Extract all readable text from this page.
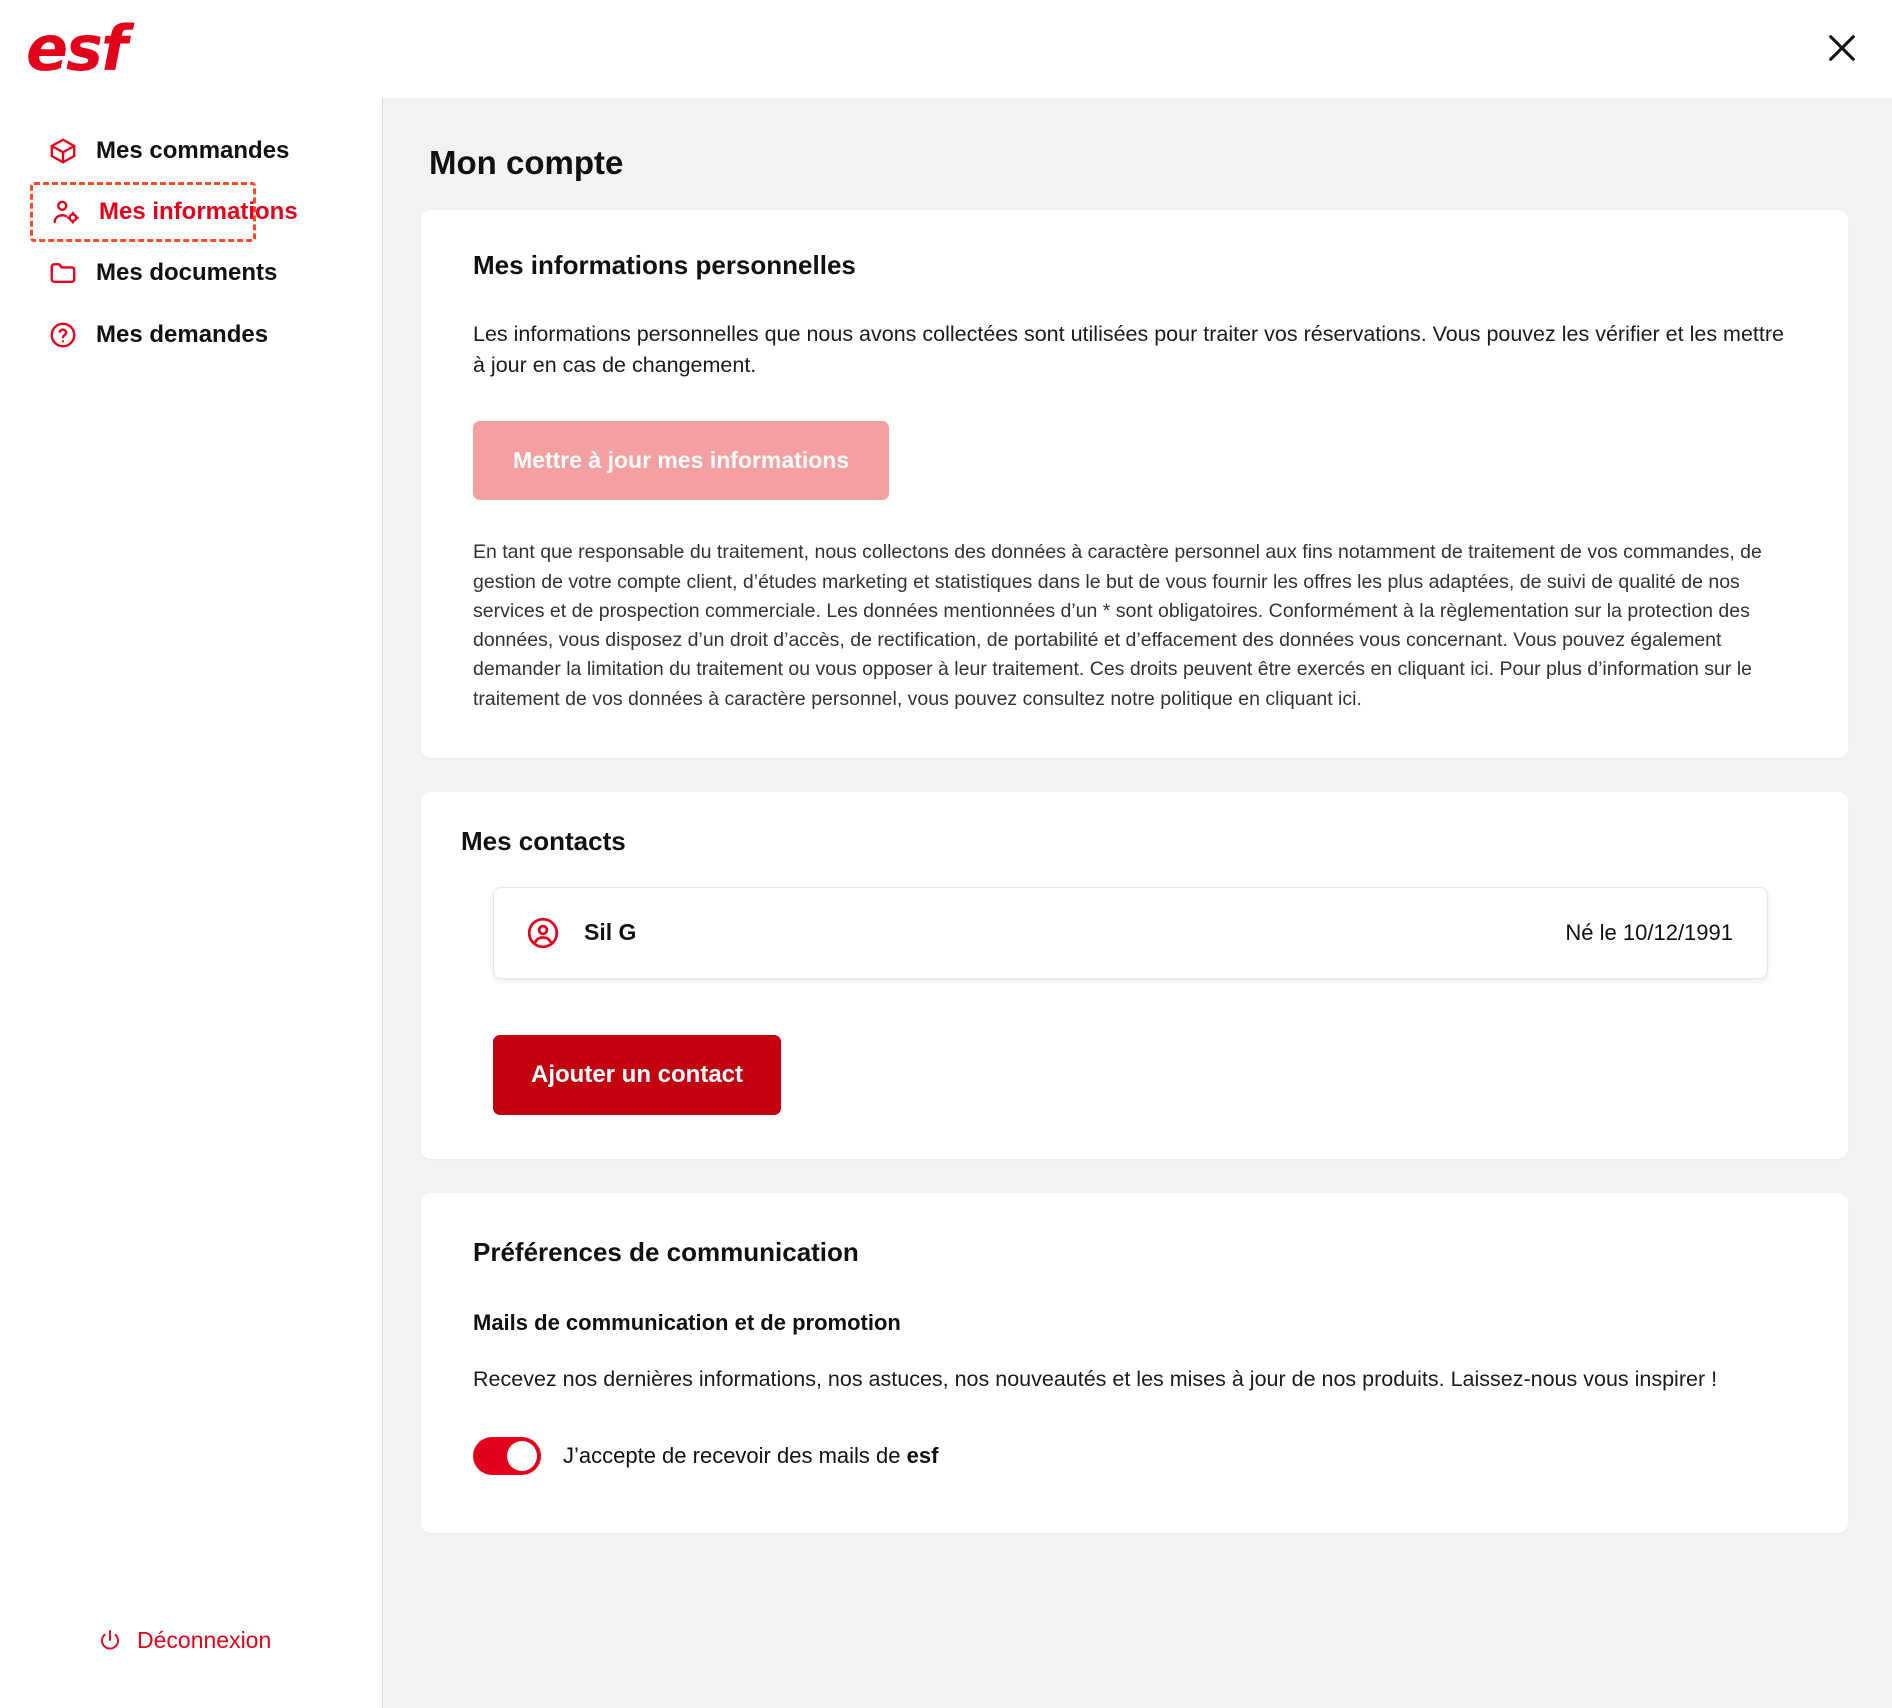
esf
Mes commandes
Mes informations
Mes documents
Mes demandes
Déconnexion
Mon compte
Mes informations personnelles

Les informations personnelles que nous avons collectées sont utilisées pour traiter vos réservations. Vous pouvez les vérifier et les mettre à jour en cas de changement.

Mettre à jour mes informations

En tant que responsable du traitement, nous collectons des données à caractère personnel aux fins notamment de traitement de vos commandes, de gestion de votre compte client, d’études marketing et statistiques dans le but de vous fournir les offres les plus adaptées, de suivi de qualité de nos services et de prospection commerciale. Les données mentionnées d’un * sont obligatoires. Conformément à la règlementation sur la protection des données, vous disposez d’un droit d’accès, de rectification, de portabilité et d’effacement des données vous concernant. Vous pouvez également demander la limitation du traitement ou vous opposer à leur traitement. Ces droits peuvent être exercés en cliquant ici. Pour plus d’information sur le traitement de vos données à caractère personnel, vous pouvez consultez notre politique en cliquant ici.

Mes contacts
Sil G	Né le 10/12/1991
Ajouter un contact
Préférences de communication
Mails de communication et de promotion

Recevez nos dernières informations, nos astuces, nos nouveautés et les mises à jour de nos produits. Laissez-nous vous inspirer !

J’accepte de recevoir des mails de esf
